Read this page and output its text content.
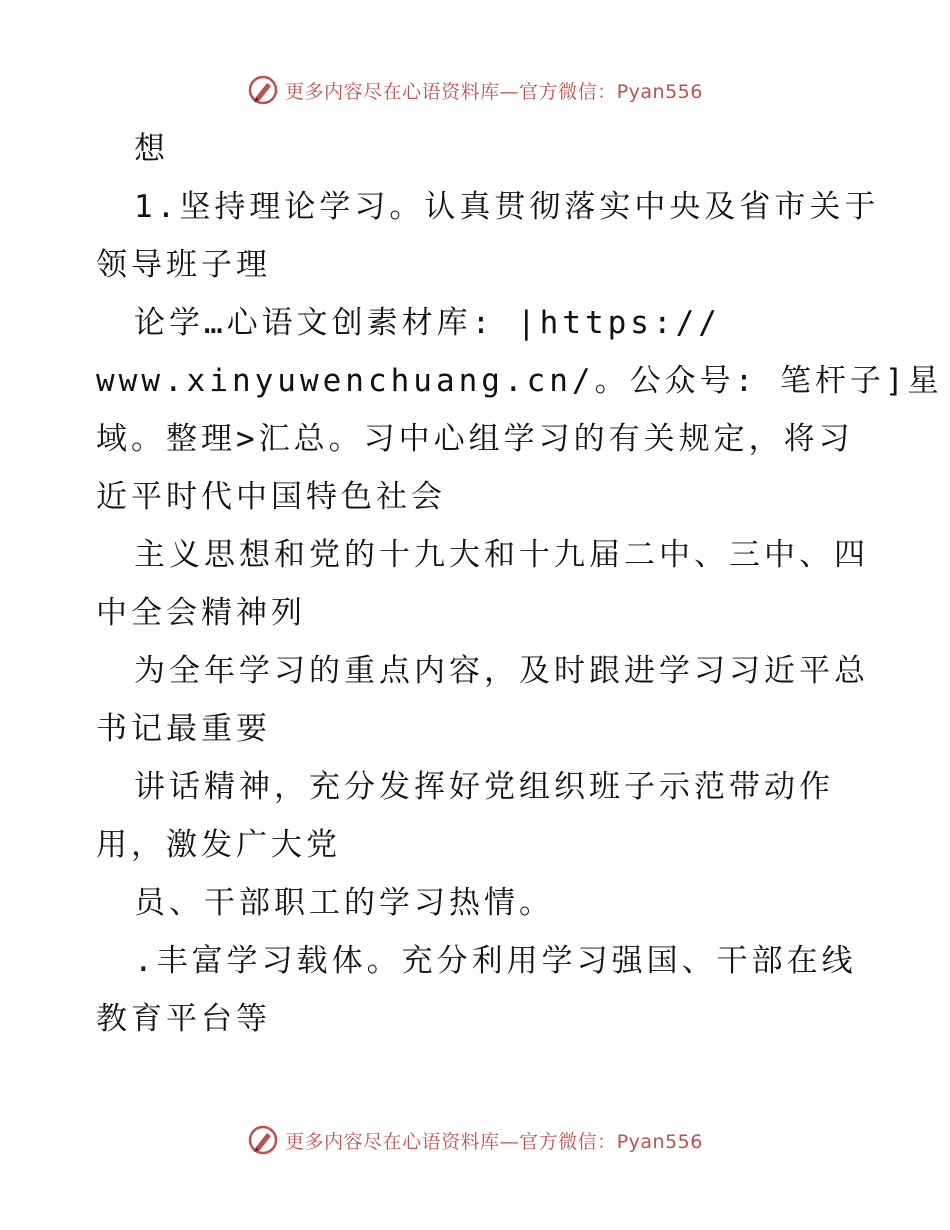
更多内容尽在心语资料库—官方微信：Pyan556
想
1.坚持理论学习。认真贯彻落实中央及省市关于
领导班子理
论学…心语文创素材库: |https://
www.xinyuwenchuang.cn/。公众号: 笔杆子]星
域。整理>汇总。习中心组学习的有关规定，将习
近平时代中国特色社会
主义思想和党的十九大和十九届二中、三中、四
中全会精神列
为全年学习的重点内容，及时跟进学习习近平总
书记最重要
讲话精神，充分发挥好党组织班子示范带动作
用，激发广大党
员、干部职工的学习热情。
.丰富学习载体。充分利用学习强国、干部在线
教育平台等
更多内容尽在心语资料库—官方微信：Pyan556
